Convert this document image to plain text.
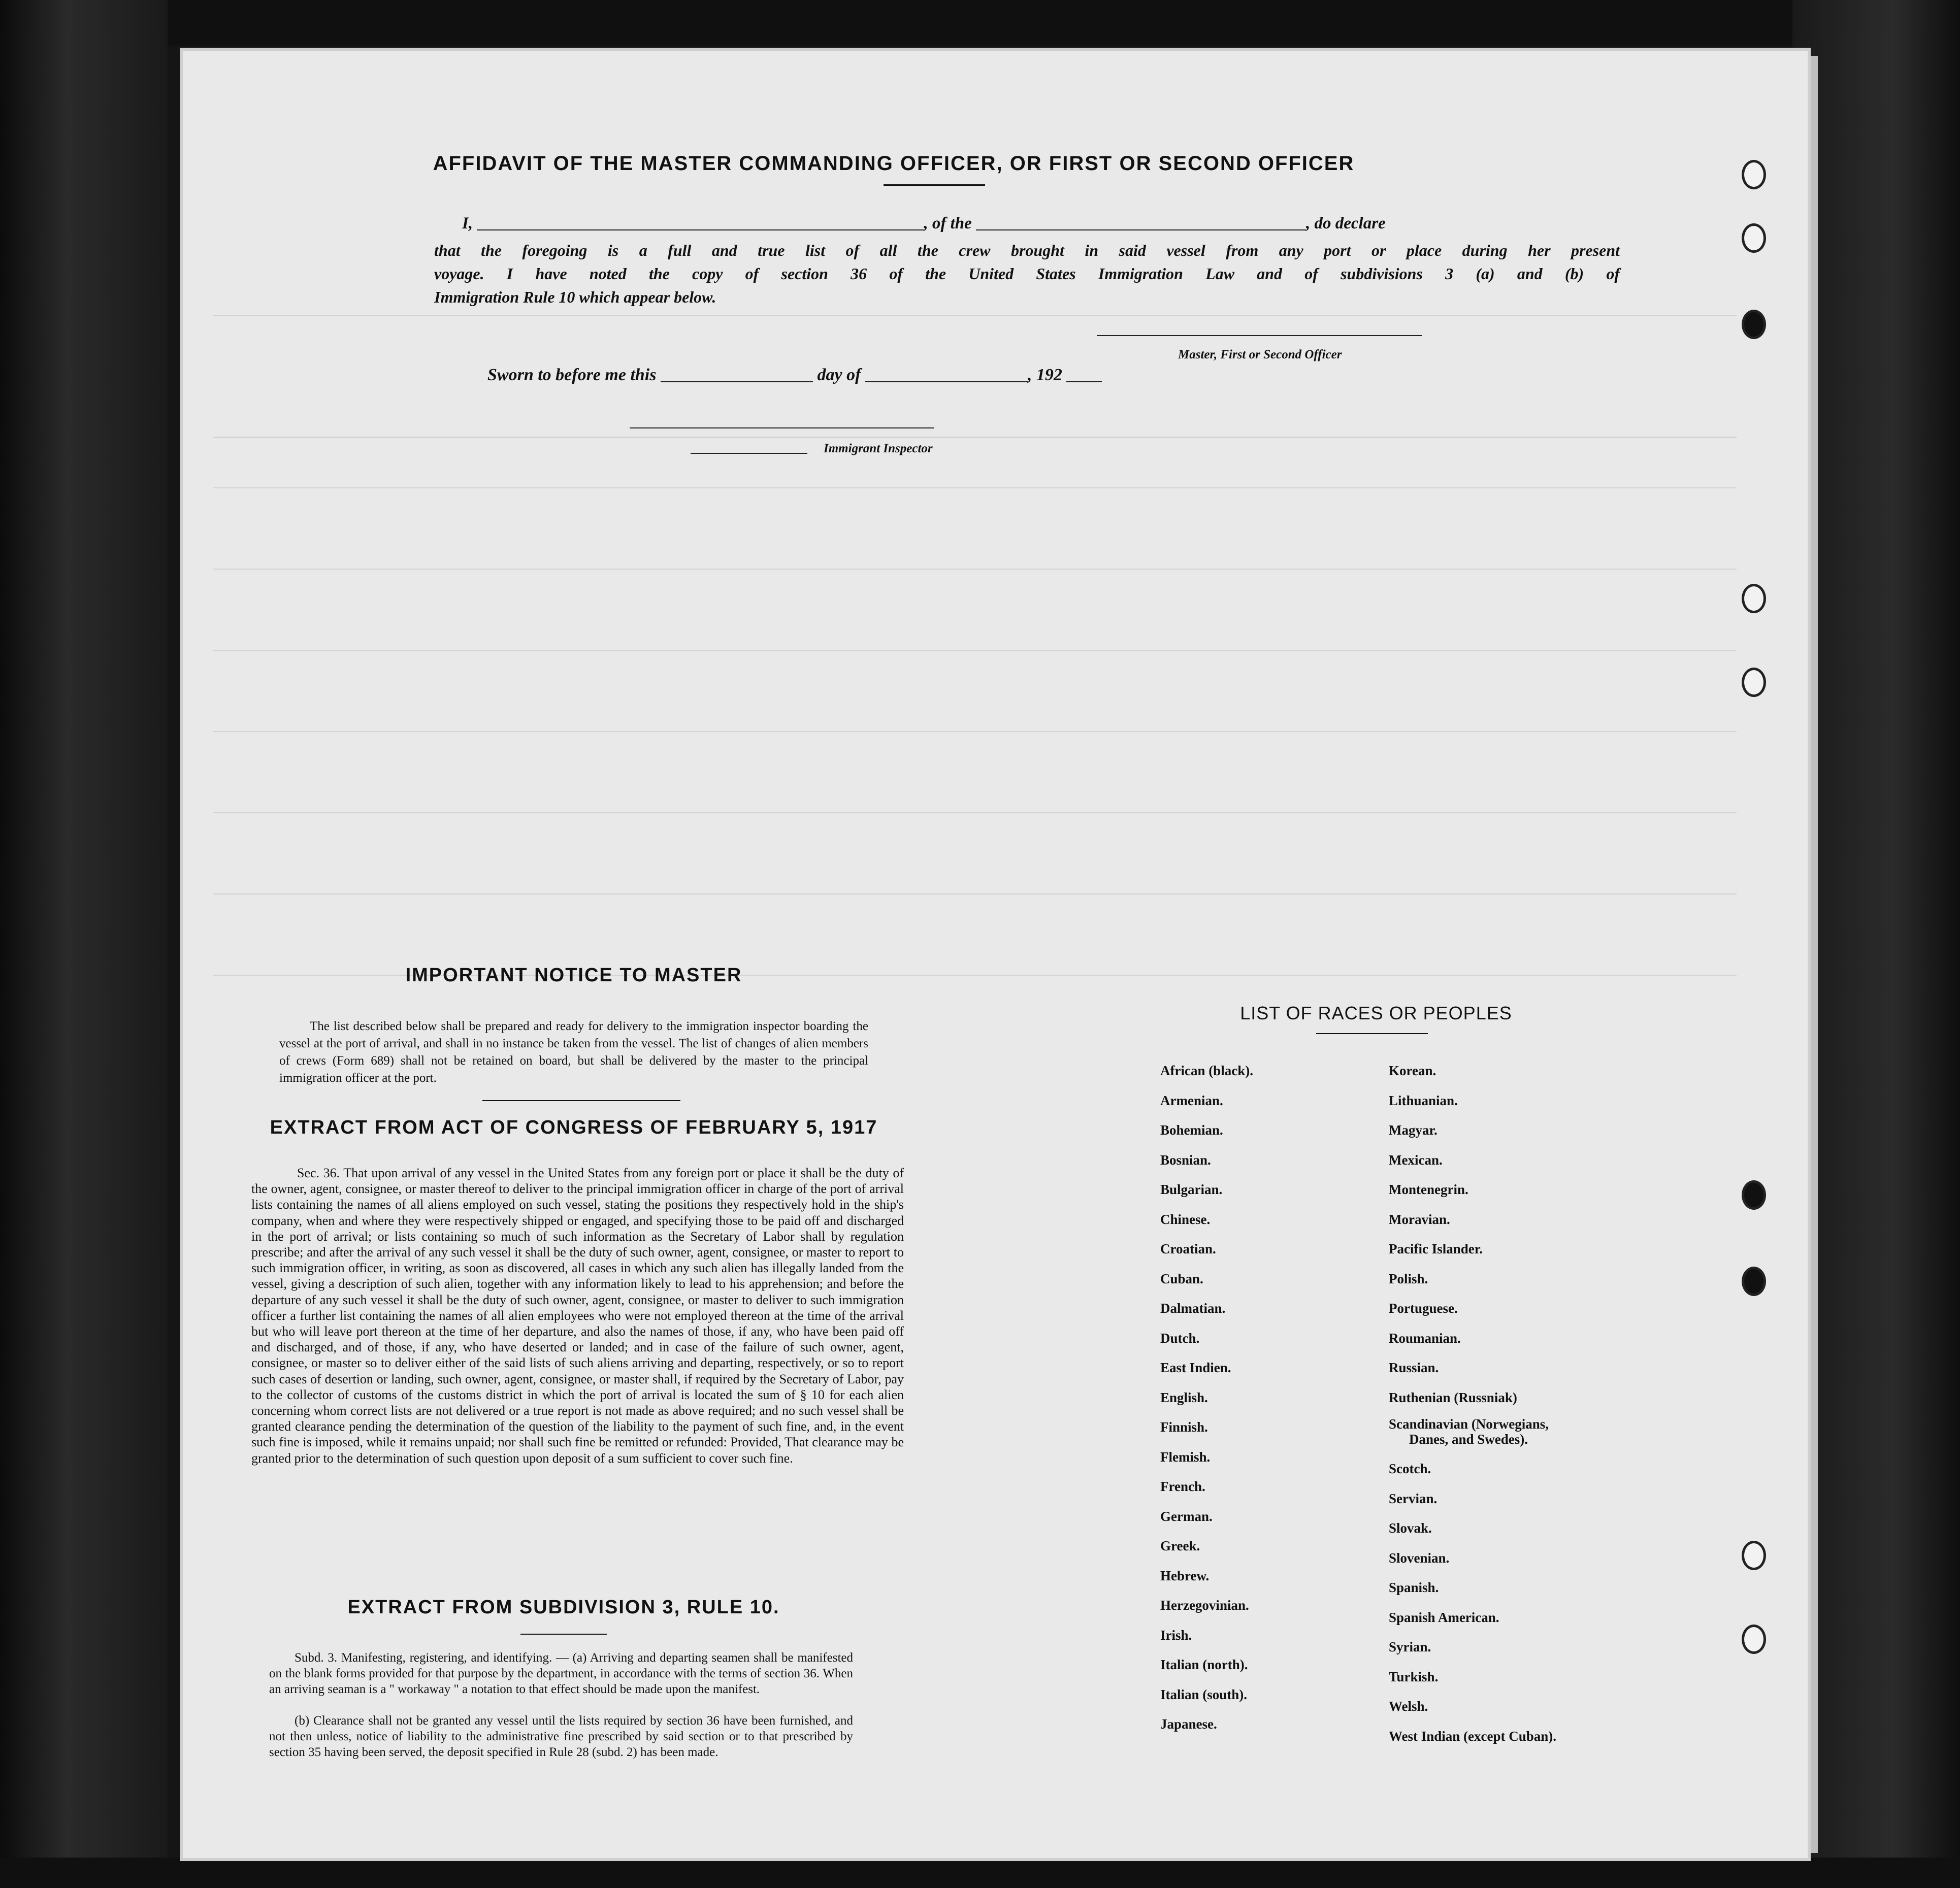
AFFIDAVIT OF THE MASTER COMMANDING OFFICER, OR FIRST OR SECOND OFFICER
I,	, of the	, do declare
that the foregoing is a full and true list of all the crew brought in said vessel from any port or place during her present
voyage. I have noted the copy of section 36 of the United States Immigration Law and of subdivisions 3 (a) and (b) of
Immigration Rule 10 which appear below.
Master, First or Second Officer
Sworn to before me this	day of	, 192
Immigrant Inspector
IMPORTANT NOTICE TO MASTER
The list described below shall be prepared and ready for delivery to the immigration inspector boarding the vessel at the port of arrival, and shall in no instance be taken from the vessel. The list of changes of alien members of crews (Form 689) shall not be retained on board, but shall be delivered by the master to the principal immigration officer at the port.
EXTRACT FROM ACT OF CONGRESS OF FEBRUARY 5, 1917
Sec. 36. That upon arrival of any vessel in the United States from any foreign port or place it shall be the duty of the owner, agent, consignee, or master thereof to deliver to the principal immigration officer in charge of the port of arrival lists containing the names of all aliens employed on such vessel, stating the positions they respectively hold in the ship's company, when and where they were respectively shipped or engaged, and specifying those to be paid off and discharged in the port of arrival; or lists containing so much of such information as the Secretary of Labor shall by regulation prescribe; and after the arrival of any such vessel it shall be the duty of such owner, agent, consignee, or master to report to such immigration officer, in writing, as soon as discovered, all cases in which any such alien has illegally landed from the vessel, giving a description of such alien, together with any information likely to lead to his apprehension; and before the departure of any such vessel it shall be the duty of such owner, agent, consignee, or master to deliver to such immigration officer a further list containing the names of all alien employees who were not employed thereon at the time of the arrival but who will leave port thereon at the time of her departure, and also the names of those, if any, who have been paid off and discharged, and of those, if any, who have deserted or landed; and in case of the failure of such owner, agent, consignee, or master so to deliver either of the said lists of such aliens arriving and departing, respectively, or so to report such cases of desertion or landing, such owner, agent, consignee, or master shall, if required by the Secretary of Labor, pay to the collector of customs of the customs district in which the port of arrival is located the sum of § 10 for each alien concerning whom correct lists are not delivered or a true report is not made as above required; and no such vessel shall be granted clearance pending the determination of the question of the liability to the payment of such fine, and, in the event such fine is imposed, while it remains unpaid; nor shall such fine be remitted or refunded: Provided, That clearance may be granted prior to the determination of such question upon deposit of a sum sufficient to cover such fine.
EXTRACT FROM SUBDIVISION 3, RULE 10.
Subd. 3. Manifesting, registering, and identifying. — (a) Arriving and departing seamen shall be manifested on the blank forms provided for that purpose by the department, in accordance with the terms of section 36. When an arriving seaman is a " workaway " a notation to that effect should be made upon the manifest.
(b) Clearance shall not be granted any vessel until the lists required by section 36 have been furnished, and not then unless, notice of liability to the administrative fine prescribed by said section or to that prescribed by section 35 having been served, the deposit specified in Rule 28 (subd. 2) has been made.
LIST OF RACES OR PEOPLES
African (black).
Armenian.
Bohemian.
Bosnian.
Bulgarian.
Chinese.
Croatian.
Cuban.
Dalmatian.
Dutch.
East Indien.
English.
Finnish.
Flemish.
French.
German.
Greek.
Hebrew.
Herzegovinian.
Irish.
Italian (north).
Italian (south).
Japanese.
Korean.
Lithuanian.
Magyar.
Mexican.
Montenegrin.
Moravian.
Pacific Islander.
Polish.
Portuguese.
Roumanian.
Russian.
Ruthenian (Russniak)
Scandinavian (Norwegians,
Danes, and Swedes).
Scotch.
Servian.
Slovak.
Slovenian.
Spanish.
Spanish American.
Syrian.
Turkish.
Welsh.
West Indian (except Cuban).
